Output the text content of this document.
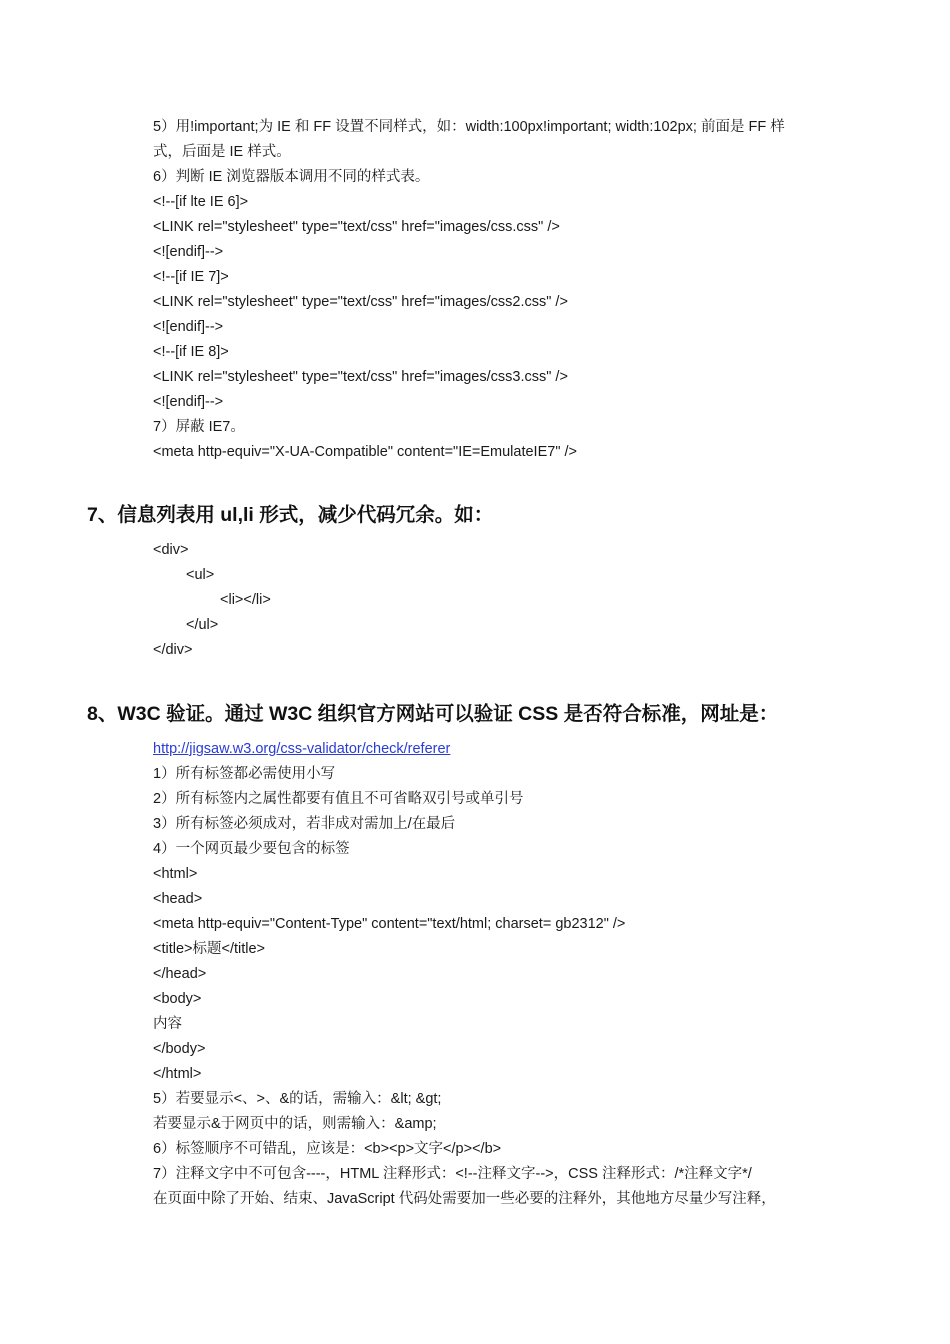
5）用!important;为 IE 和 FF 设置不同样式，如：width:100px!important; width:102px; 前面是 FF 样
式，后面是 IE 样式。
6）判断 IE 浏览器版本调用不同的样式表。
<!--[if lte IE 6]>
<LINK rel="stylesheet" type="text/css" href="images/css.css" />
<![endif]-->
<!--[if IE 7]>
<LINK rel="stylesheet" type="text/css" href="images/css2.css" />
<![endif]-->
<!--[if IE 8]>
<LINK rel="stylesheet" type="text/css" href="images/css3.css" />
<![endif]-->
7）屏蔽 IE7。
<meta http-equiv="X-UA-Compatible" content="IE=EmulateIE7" />
7、信息列表用 ul,li 形式，减少代码冗余。如：
<div>
<ul>
<li></li>
</ul>
</div>
8、W3C 验证。通过 W3C 组织官方网站可以验证 CSS 是否符合标准，网址是：
http://jigsaw.w3.org/css-validator/check/referer
1）所有标签都必需使用小写
2）所有标签内之属性都要有值且不可省略双引号或单引号
3）所有标签必须成对，若非成对需加上/在最后
4）一个网页最少要包含的标签
<html>
<head>
<meta http-equiv="Content-Type" content="text/html; charset= gb2312" />
<title>标题</title>
</head>
<body>
内容
</body>
</html>
5）若要显示<、>、&的话，需输入：&lt; &gt;
若要显示&于网页中的话，则需输入：&amp;
6）标签顺序不可错乱，应该是：<b><p>文字</p></b>
7）注释文字中不可包含----，HTML 注释形式：<!--注释文字-->，CSS 注释形式：/*注释文字*/
在页面中除了开始、结束、JavaScript 代码处需要加一些必要的注释外，其他地方尽量少写注释，
